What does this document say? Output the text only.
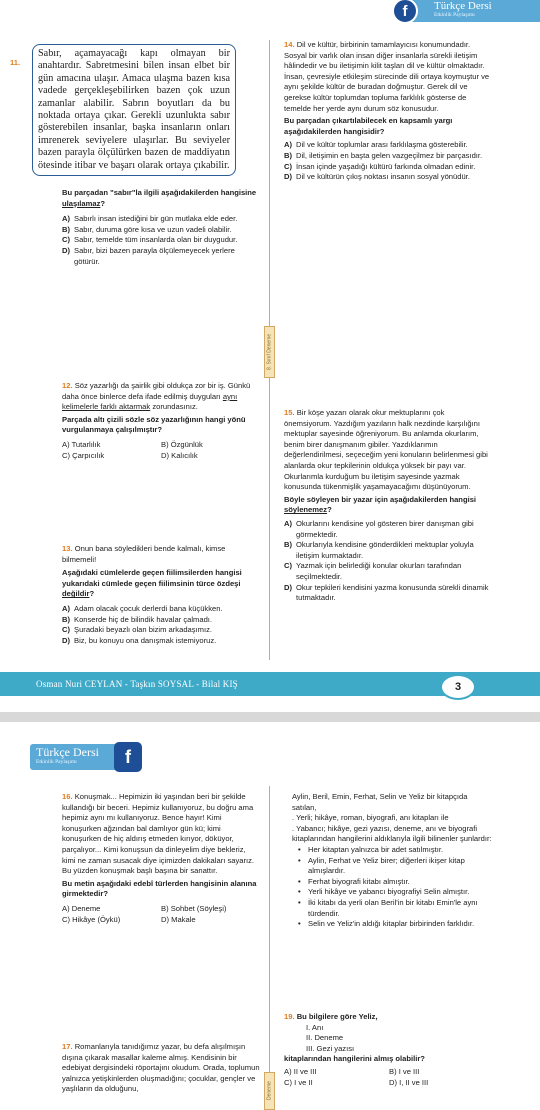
Türkçe Dersi
Etkinlik Paylaşımı
f
11.
Sabır, açamayacağı kapı olmayan bir anahtardır. Sabretmesini bilen insan elbet bir gün amacına ulaşır. Amaca ulaşma bazen kısa vadede gerçekleşebilirken bazen çok uzun zamanlar alabilir. Sabrın boyutları da bu noktada ortaya çıkar. Gerekli uzunlukta sabır gösterebilen insanlar, başka insanların onları imrenerek seviyelere ulaşırlar. Bu seviyeler bazen parayla ölçülürken bazen de maddiyatın ötesinde itibar ve başarı olarak ortaya çıkabilir.

Bu parçadan "sabır"la ilgili aşağıdakilerden hangisine ulaşılamaz?

A) Sabırlı insan istediğini bir gün mutlaka elde eder.
B) Sabır, duruma göre kısa ve uzun vadeli olabilir.
C) Sabır, temelde tüm insanlarda olan bir duygudur.
D) Sabır, bizi bazen parayla ölçülemeyecek yerlere götürür.

12. Söz yazarlığı da şairlik gibi oldukça zor bir iş. Günkü daha önce binlerce defa ifade edilmiş duyguları aynı kelimelerle farklı aktarmak zorundasınız.

Parçada altı çizili sözle söz yazarlığının hangi yönü vurgulanmaya çalışılmıştır?

A) Tutarlılık	B) Özgünlük
C) Çarpıcılık	D) Kalıcılık

13. Onun bana söyledikleri bende kalmalı, kimse bilmemeli!

Aşağıdaki cümlelerde geçen fiilimsilerden hangisi yukarıdaki cümlede geçen fiilimsinin türce özdeşi değildir?

A) Adam olacak çocuk derlerdi bana küçükken.
B) Konserde hiç de bilindik havalar çalmadı.
C) Şuradaki beyazlı olan bizim arkadaşımız.
D) Biz, bu konuyu ona danışmak istemiyoruz.
8. Sınıf Deneme

14. Dil ve kültür, birbirinin tamamlayıcısı konumundadır. Sosyal bir varlık olan insan diğer insanlarla sürekli iletişim hâlindedir ve bu iletişimin kilit taşları dil ve kültür olmaktadır. İnsan, çevresiyle etkileşim sürecinde dili ortaya koymuştur ve aynı şekilde kültür de buradan doğmuştur. Gerek dil ve gerekse kültür toplumdan topluma farklılık gösterse de temelde her yerde aynı durum söz konusudur.

Bu parçadan çıkartılabilecek en kapsamlı yargı aşağıdakilerden hangisidir?

A) Dil ve kültür toplumlar arası farklılaşma gösterebilir.
B) Dil, iletişimin en başta gelen vazgeçilmez bir parçasıdır.
C) İnsan içinde yaşadığı kültürü farkında olmadan edinir.
D) Dil ve kültürün çıkış noktası insanın sosyal yönüdür.

15. Bir köşe yazarı olarak okur mektuplarını çok önemsiyorum. Yazdığım yazıların halk nezdinde karşılığını mektuplar sayesinde öğreniyorum. Bu anlamda okurlarım, benim birer danışmanım gibiler. Yazdıklarımın değerlendirilmesi, seçeceğim yeni konuların belirlenmesi gibi alanlarda okur tepkilerinin oldukça yüksek bir payı var. Okurlarımla kurduğum bu iletişim sayesinde yazmak konusunda tükenmişlik yaşamayacağımı düşünüyorum.

Böyle söyleyen bir yazar için aşağıdakilerden hangisi söylenemez?

A) Okurlarını kendisine yol gösteren birer danışman gibi görmektedir.
B) Okurlarıyla kendisine gönderdikleri mektuplar yoluyla iletişim kurmaktadır.
C) Yazmak için belirlediği konular okurları tarafından seçilmektedir.
D) Okur tepkileri kendisini yazma konusunda sürekli dinamik tutmaktadır.
Osman Nuri CEYLAN - Taşkın SOYSAL - Bilal KIŞ	3
Türkçe Dersi
Etkinlik Paylaşımı	f

16. Konuşmak... Hepimizin iki yaşından beri bir şekilde kullandığı bir beceri. Hepimiz kullanıyoruz, bu doğru ama hepimiz aynı mı kullanıyoruz. Bence hayır! Kimi konuşurken ağzından bal damlıyor gün kü; kimi konuşurken de hiç aldırış etmeden kırıyor, döküyor, parçalıyor... Kimi konuşsun da dinleyelim diye bekleriz, kimi ne zaman susacak diye içimizden dakikaları sayarız. Bu yüzden konuşmak başlı başına bir sanattır.

Bu metin aşağıdaki edebî türlerden hangisinin alanına girmektedir?

A) Deneme	B) Sohbet (Söyleşi)
C) Hikâye (Öykü)	D) Makale

17. Romanlarıyla tanıdığımız yazar, bu defa alışılmışın dışına çıkarak masallar kaleme almış. Kendisinin bir edebiyat dergisindeki röportajını okudum. Orada, toplumun yalnızca yetişkinlerden oluşmadığını; çocuklar, gençler ve yaşlıların da olduğunu,	Deneme

Aylin, Beril, Emin, Ferhat, Selin ve Yeliz bir kitapçıda satılan,

. Yerli; hikâye, roman, biyografi, anı kitapları ile

. Yabancı; hikâye, gezi yazısı, deneme, anı ve biyografi kitaplarından hangilerini aldıklarıyla ilgili bilinenler şunlardır:

• Her kitaptan yalnızca bir adet satılmıştır.
• Aylin, Ferhat ve Yeliz birer; diğerleri ikişer kitap almışlardır.
• Ferhat biyografi kitabı almıştır.
• Yerli hikâye ve yabancı biyografiyi Selin almıştır.
• İki kitabı da yerli olan Beril'in bir kitabı Emin'le aynı türdendir.
• Selin ve Yeliz'in aldığı kitaplar birbirinden farklıdır.

19. Bu bilgilere göre Yeliz,

I. Anı
II. Deneme
III. Gezi yazısı

kitaplarından hangilerini almış olabilir?

A) II ve III	B) I ve III
C) I ve II	D) I, II ve III
